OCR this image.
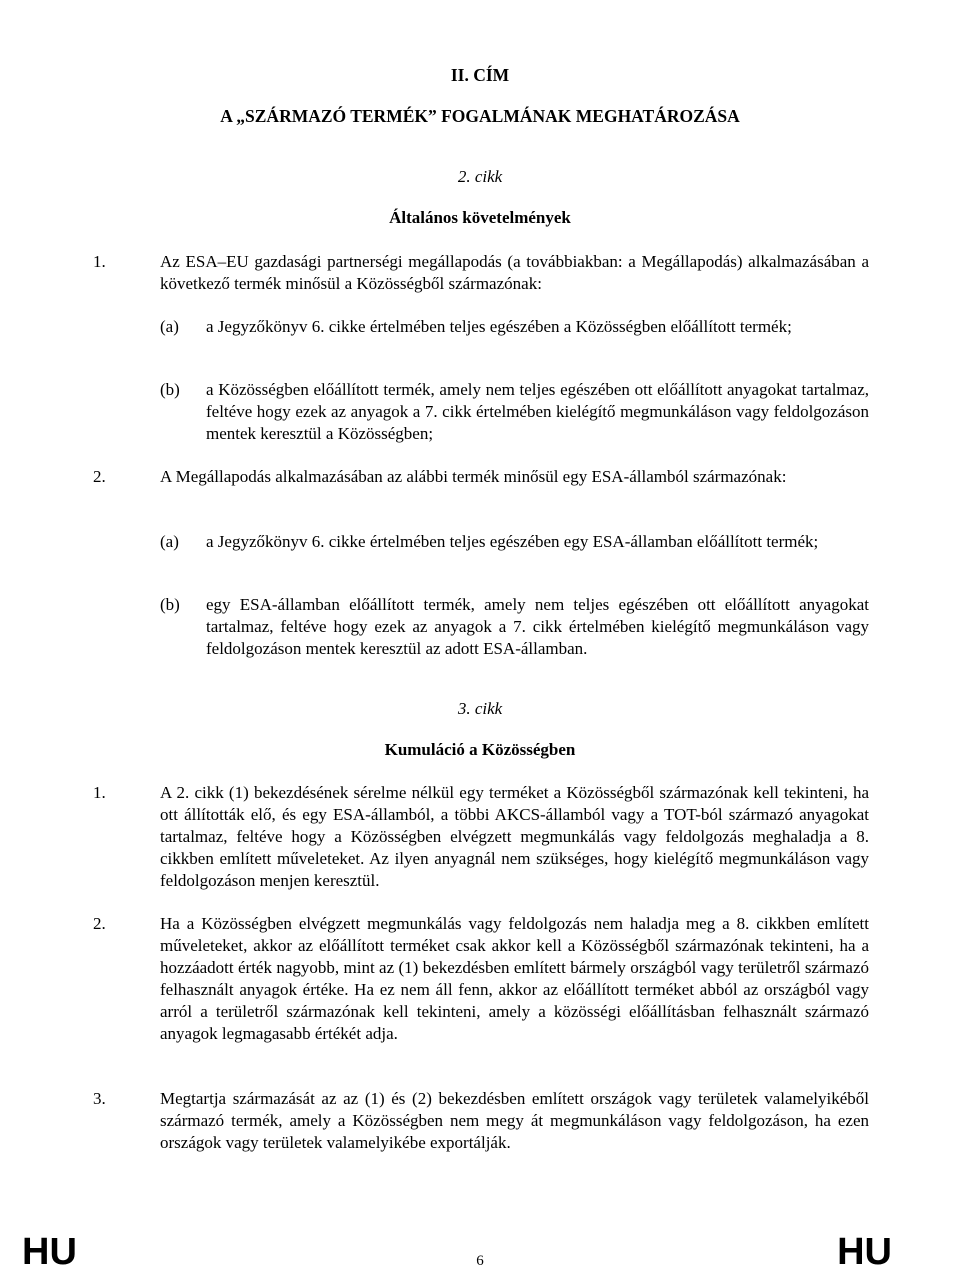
II. CÍM
A „SZÁRMAZÓ TERMÉK” FOGALMÁNAK MEGHATÁROZÁSA
2. cikk
Általános követelmények
1.	Az ESA–EU gazdasági partnerségi megállapodás (a továbbiakban: a Megállapodás) alkalmazásában a következő termék minősül a Közösségből származónak:
(a) a Jegyzőkönyv 6. cikke értelmében teljes egészében a Közösségben előállított termék;
(b) a Közösségben előállított termék, amely nem teljes egészében ott előállított anyagokat tartalmaz, feltéve hogy ezek az anyagok a 7. cikk értelmében kielégítő megmunkáláson vagy feldolgozáson mentek keresztül a Közösségben;
2.	A Megállapodás alkalmazásában az alábbi termék minősül egy ESA-államból származónak:
(a) a Jegyzőkönyv 6. cikke értelmében teljes egészében egy ESA-államban előállított termék;
(b) egy ESA-államban előállított termék, amely nem teljes egészében ott előállított anyagokat tartalmaz, feltéve hogy ezek az anyagok a 7. cikk értelmében kielégítő megmunkáláson vagy feldolgozáson mentek keresztül az adott ESA-államban.
3. cikk
Kumuláció a Közösségben
1.	A 2. cikk (1) bekezdésének sérelme nélkül egy terméket a Közösségből származónak kell tekinteni, ha ott állították elő, és egy ESA-államból, a többi AKCS-államból vagy a TOT-ból származó anyagokat tartalmaz, feltéve hogy a Közösségben elvégzett megmunkálás vagy feldolgozás meghaladja a 8. cikkben említett műveleteket. Az ilyen anyagnál nem szükséges, hogy kielégítő megmunkáláson vagy feldolgozáson menjen keresztül.
2.	Ha a Közösségben elvégzett megmunkálás vagy feldolgozás nem haladja meg a 8. cikkben említett műveleteket, akkor az előállított terméket csak akkor kell a Közösségből származónak tekinteni, ha a hozzáadott érték nagyobb, mint az (1) bekezdésben említett bármely országból vagy területről származó felhasznált anyagok értéke. Ha ez nem áll fenn, akkor az előállított terméket abból az országból vagy arról a területről származónak kell tekinteni, amely a közösségi előállításban felhasznált származó anyagok legmagasabb értékét adja.
3.	Megtartja származását az az (1) és (2) bekezdésben említett országok vagy területek valamelyikéből származó termék, amely a Közösségben nem megy át megmunkáláson vagy feldolgozáson, ha ezen országok vagy területek valamelyikébe exportálják.
HU	6	HU
